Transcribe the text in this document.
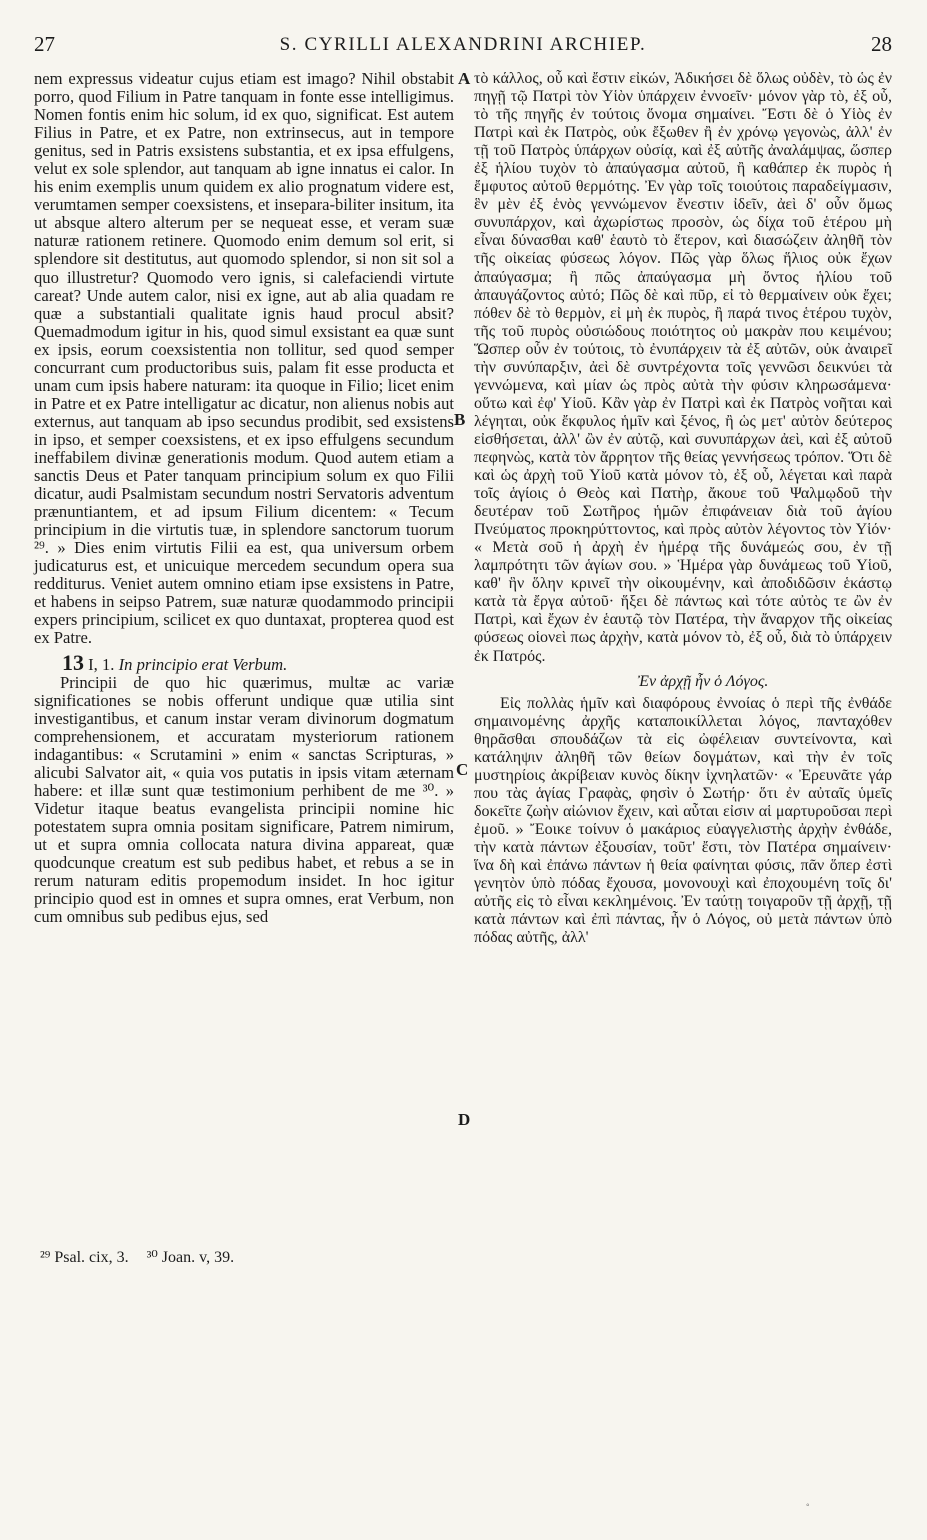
27	S. CYRILLI ALEXANDRINI ARCHIEP.	28
A
B
C
D

nem expressus videatur cujus etiam est imago? Nihil obstabit porro, quod Filium in Patre tanquam in fonte esse intelligimus. Nomen fontis enim hic solum, id ex quo, significat. Est autem Filius in Patre, et ex Patre, non extrinsecus, aut in tempore genitus, sed in Patris exsistens substantia, et ex ipsa effulgens, velut ex sole splendor, aut tanquam ab igne innatus ei calor. In his enim exemplis unum quidem ex alio prognatum videre est, verumtamen semper coexsistens, et insepara-biliter insitum, ita ut absque altero alterum per se nequeat esse, et veram suæ naturæ rationem retinere. Quomodo enim demum sol erit, si splendore sit destitutus, aut quomodo splendor, si non sit sol a quo illustretur? Quomodo vero ignis, si calefaciendi virtute careat? Unde autem calor, nisi ex igne, aut ab alia quadam re quæ a substantiali qualitate ignis haud procul absit? Quemadmodum igitur in his, quod simul exsistant ea quæ sunt ex ipsis, eorum coexsistentia non tollitur, sed quod semper concurrant cum productoribus suis, palam fit esse producta et unam cum ipsis habere naturam: ita quoque in Filio; licet enim in Patre et ex Patre intelligatur ac dicatur, non alienus nobis aut externus, aut tanquam ab ipso secundus prodibit, sed exsistens in ipso, et semper coexsistens, et ex ipso effulgens secundum ineffabilem divinæ generationis modum. Quod autem etiam a sanctis Deus et Pater tanquam principium solum ex quo Filii dicatur, audi Psalmistam secundum nostri Servatoris adventum prænuntiantem, et ad ipsum Filium dicentem: « Tecum principium in die virtutis tuæ, in splendore sanctorum tuorum ²⁹. » Dies enim virtutis Filii ea est, qua universum orbem judicaturus est, et unicuique mercedem secundum opera sua redditurus. Veniet autem omnino etiam ipse exsistens in Patre, et habens in seipso Patrem, suæ naturæ quodammodo principii expers principium, scilicet ex quo duntaxat, propterea quod est ex Patre.

13 I, 1. In principio erat Verbum.

Principii de quo hic quærimus, multæ ac variæ significationes se nobis offerunt undique quæ utilia sint investigantibus, et canum instar veram divinorum dogmatum comprehensionem, et accuratam mysteriorum rationem indagantibus: « Scrutamini » enim « sanctas Scripturas, » alicubi Salvator ait, « quia vos putatis in ipsis vitam æternam habere: et illæ sunt quæ testimonium perhibent de me ³⁰. » Videtur itaque beatus evangelista principii nomine hic potestatem supra omnia positam significare, Patrem nimirum, ut et supra omnia collocata natura divina appareat, quæ quodcunque creatum est sub pedibus habet, et rebus a se in rerum naturam editis propemodum insidet. In hoc igitur principio quod est in omnes et supra omnes, erat Verbum, non cum omnibus sub pedibus ejus, sed

τὸ κάλλος, οὗ καὶ ἔστιν εἰκών, Ἀδικήσει δὲ ὅλως οὐδὲν, τὸ ὡς ἐν πηγῇ τῷ Πατρὶ τὸν Υἱὸν ὑπάρχειν ἐννοεῖν· μόνον γὰρ τὸ, ἐξ οὗ, τὸ τῆς πηγῆς ἐν τούτοις ὄνομα σημαίνει. Ἔστι δὲ ὁ Υἱὸς ἐν Πατρὶ καὶ ἐκ Πατρὸς, οὐκ ἔξωθεν ἢ ἐν χρόνῳ γεγονὼς, ἀλλ' ἐν τῇ τοῦ Πατρὸς ὑπάρχων οὐσίᾳ, καὶ ἐξ αὐτῆς ἀναλάμψας, ὥσπερ ἐξ ἡλίου τυχὸν τὸ ἀπαύγασμα αὐτοῦ, ἢ καθάπερ ἐκ πυρὸς ἡ ἔμφυτος αὐτοῦ θερμότης. Ἐν γὰρ τοῖς τοιούτοις παραδείγμασιν, ἓν μὲν ἐξ ἑνὸς γεννώμενον ἔνεστιν ἰδεῖν, ἀεὶ δ' οὖν ὅμως συνυπάρχον, καὶ ἀχωρίστως προσὸν, ὡς δίχα τοῦ ἑτέρου μὴ εἶναι δύνασθαι καθ' ἑαυτὸ τὸ ἕτερον, καὶ διασώζειν ἀληθῆ τὸν τῆς οἰκείας φύσεως λόγον. Πῶς γὰρ ὅλως ἥλιος οὐκ ἔχων ἀπαύγασμα; ἢ πῶς ἀπαύγασμα μὴ ὄντος ἡλίου τοῦ ἀπαυγάζοντος αὐτό; Πῶς δὲ καὶ πῦρ, εἰ τὸ θερμαίνειν οὐκ ἔχει; πόθεν δὲ τὸ θερμὸν, εἰ μὴ ἐκ πυρὸς, ἢ παρά τινος ἑτέρου τυχὸν, τῆς τοῦ πυρὸς οὐσιώδους ποιότητος οὐ μακρὰν που κειμένου; Ὥσπερ οὖν ἐν τούτοις, τὸ ἐνυπάρχειν τὰ ἐξ αὐτῶν, οὐκ ἀναιρεῖ τὴν συνύπαρξιν, ἀεὶ δὲ συντρέχοντα τοῖς γεννῶσι δεικνύει τὰ γεννώμενα, καὶ μίαν ὡς πρὸς αὐτὰ τὴν φύσιν κληρωσάμενα· οὕτω καὶ ἐφ' Υἱοῦ. Κἂν γὰρ ἐν Πατρὶ καὶ ἐκ Πατρὸς νοῆται καὶ λέγηται, οὐκ ἔκφυλος ἡμῖν καὶ ξένος, ἢ ὡς μετ' αὐτὸν δεύτερος εἰσθήσεται, ἀλλ' ὢν ἐν αὐτῷ, καὶ συνυπάρχων ἀεὶ, καὶ ἐξ αὐτοῦ πεφηνὼς, κατὰ τὸν ἄρρητον τῆς θείας γεννήσεως τρόπον. Ὅτι δὲ καὶ ὡς ἀρχὴ τοῦ Υἱοῦ κατὰ μόνον τὸ, ἐξ οὗ, λέγεται καὶ παρὰ τοῖς ἁγίοις ὁ Θεὸς καὶ Πατὴρ, ἄκουε τοῦ Ψαλμῳδοῦ τὴν δευτέραν τοῦ Σωτῆρος ἡμῶν ἐπιφάνειαν διὰ τοῦ ἁγίου Πνεύματος προκηρύττοντος, καὶ πρὸς αὐτὸν λέγοντος τὸν Υἱόν· « Μετὰ σοῦ ἡ ἀρχὴ ἐν ἡμέρᾳ τῆς δυνάμεώς σου, ἐν τῇ λαμπρότητι τῶν ἁγίων σου. » Ἡμέρα γὰρ δυνάμεως τοῦ Υἱοῦ, καθ' ἣν ὅλην κρινεῖ τὴν οἰκουμένην, καὶ ἀποδιδῶσιν ἑκάστῳ κατὰ τὰ ἔργα αὐτοῦ· ἥξει δὲ πάντως καὶ τότε αὐτὸς τε ὢν ἐν Πατρὶ, καὶ ἔχων ἐν ἑαυτῷ τὸν Πατέρα, τὴν ἄναρχον τῆς οἰκείας φύσεως οἱονεὶ πως ἀρχὴν, κατὰ μόνον τὸ, ἐξ οὗ, διὰ τὸ ὑπάρχειν ἐκ Πατρός.

Ἐν ἀρχῇ ἦν ὁ Λόγος.

Εἰς πολλὰς ἡμῖν καὶ διαφόρους ἐννοίας ὁ περὶ τῆς ἐνθάδε σημαινομένης ἀρχῆς καταποικίλλεται λόγος, πανταχόθεν θηρᾶσθαι σπουδάζων τὰ εἰς ὠφέλειαν συντείνοντα, καὶ κατάληψιν ἀληθῆ τῶν θείων δογμάτων, καὶ τὴν ἐν τοῖς μυστηρίοις ἀκρίβειαν κυνὸς δίκην ἰχνηλατῶν· « Ἐρευνᾶτε γάρ που τὰς ἁγίας Γραφὰς, φησὶν ὁ Σωτήρ· ὅτι ἐν αὐταῖς ὑμεῖς δοκεῖτε ζωὴν αἰώνιον ἔχειν, καὶ αὗται εἰσιν αἱ μαρτυροῦσαι περὶ ἐμοῦ. » Ἔοικε τοίνυν ὁ μακάριος εὐαγγελιστὴς ἀρχὴν ἐνθάδε, τὴν κατὰ πάντων ἐξουσίαν, τοῦτ' ἔστι, τὸν Πατέρα σημαίνειν· ἵνα δὴ καὶ ἐπάνω πάντων ἡ θεία φαίνηται φύσις, πᾶν ὅπερ ἐστὶ γενητὸν ὑπὸ πόδας ἔχουσα, μονονουχὶ καὶ ἐποχουμένη τοῖς δι' αὐτῆς εἰς τὸ εἶναι κεκλημένοις. Ἐν ταύτῃ τοιγαροῦν τῇ ἀρχῇ, τῇ κατὰ πάντων καὶ ἐπὶ πάντας, ἦν ὁ Λόγος, οὐ μετὰ πάντων ὑπὸ πόδας αὐτῆς, ἀλλ'

²⁹ Psal. cix, 3. ³⁰ Joan. v, 39.
◦
